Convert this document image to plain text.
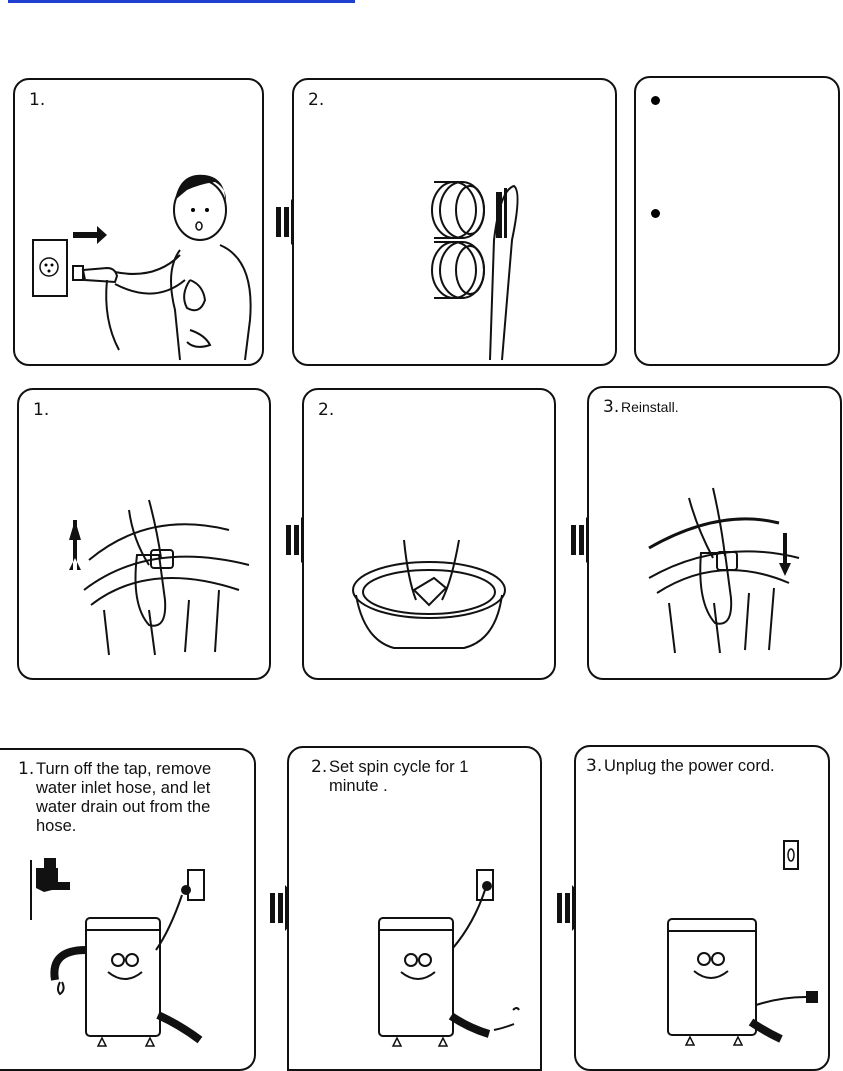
1.	2.
1.	2.	3. Reinstall.
1. Turn off the tap, remove
water inlet hose, and let
water drain out from the
hose.
2. Set spin cycle for 1
minute .
3. Unplug the power cord.
